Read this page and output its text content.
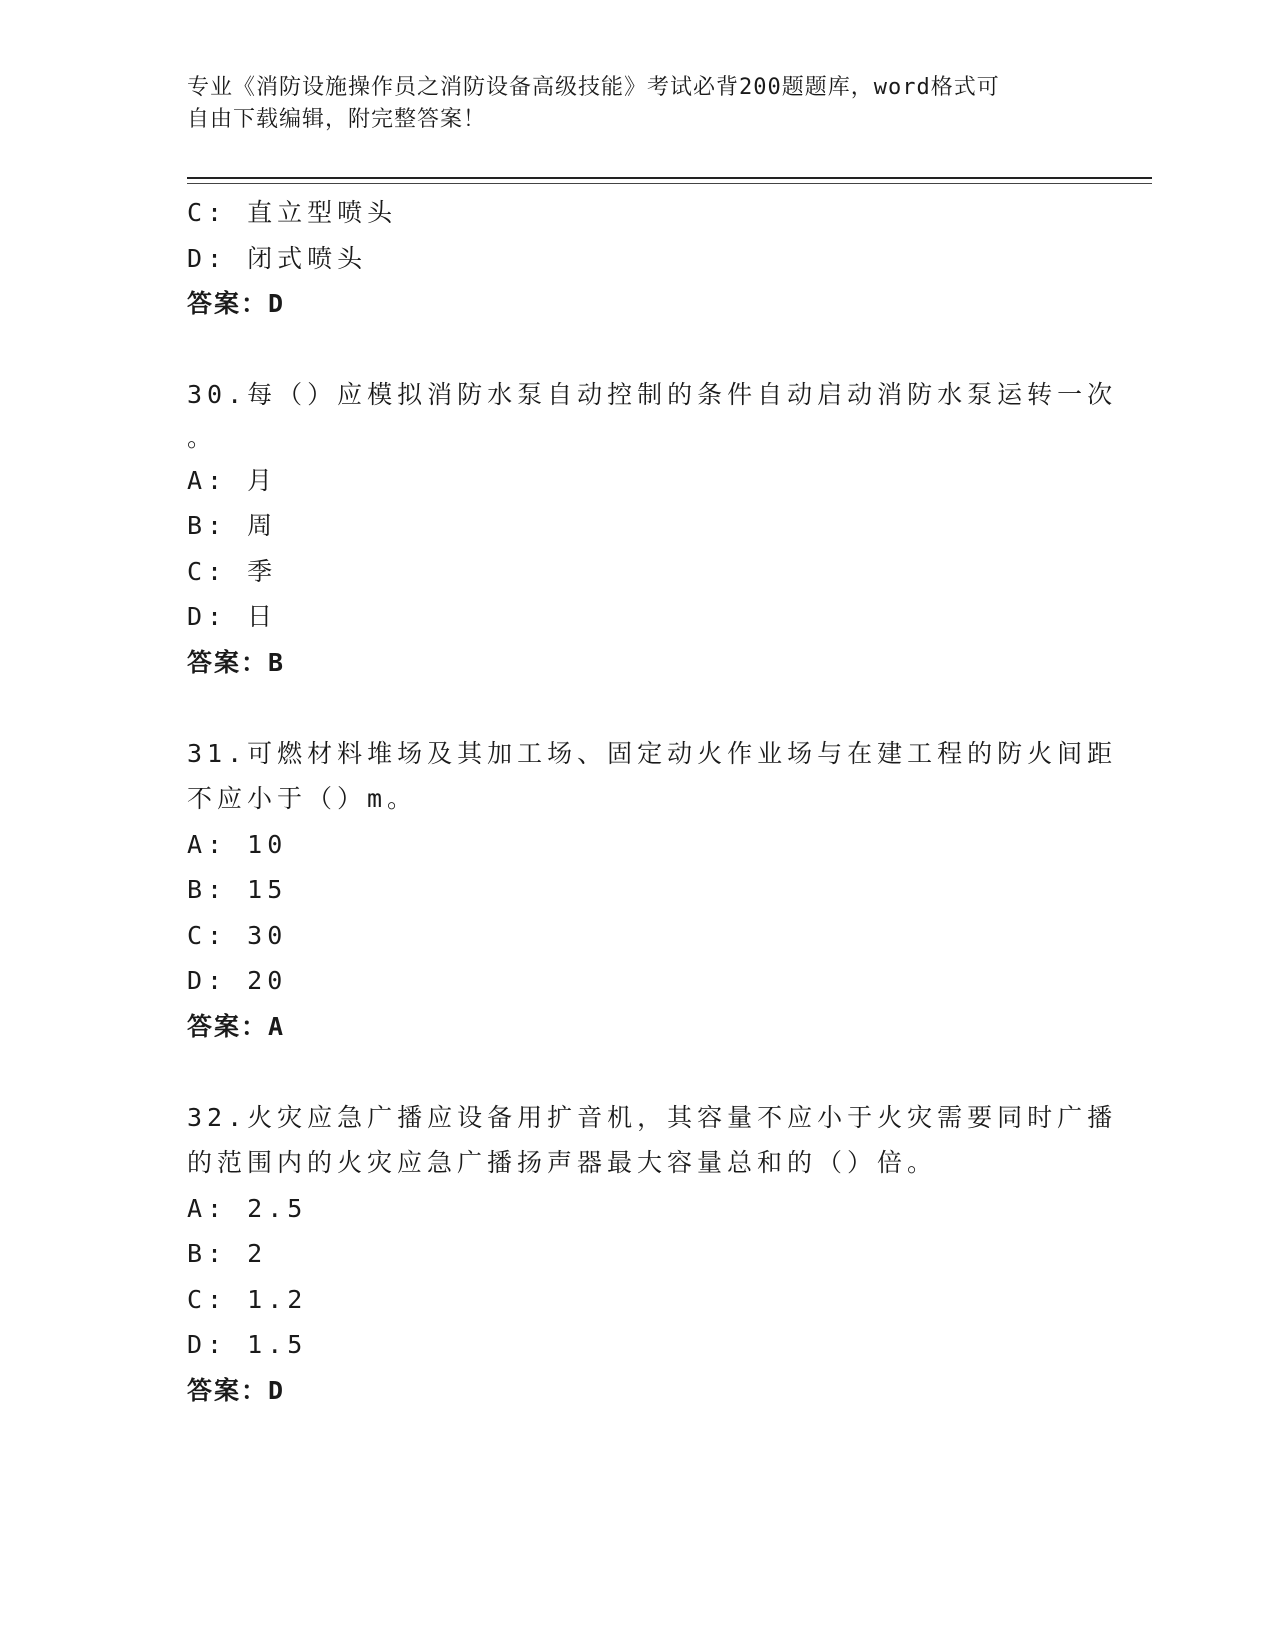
专业《消防设施操作员之消防设备高级技能》考试必背200题题库，word格式可
自由下载编辑，附完整答案！
C: 直立型喷头
D: 闭式喷头
答案：D
30.每（）应模拟消防水泵自动控制的条件自动启动消防水泵运转一次
。
A: 月
B: 周
C: 季
D: 日
答案：B
31.可燃材料堆场及其加工场、固定动火作业场与在建工程的防火间距
不应小于（）m。
A: 10
B: 15
C: 30
D: 20
答案：A
32.火灾应急广播应设备用扩音机，其容量不应小于火灾需要同时广播
的范围内的火灾应急广播扬声器最大容量总和的（）倍。
A: 2.5
B: 2
C: 1.2
D: 1.5
答案：D
